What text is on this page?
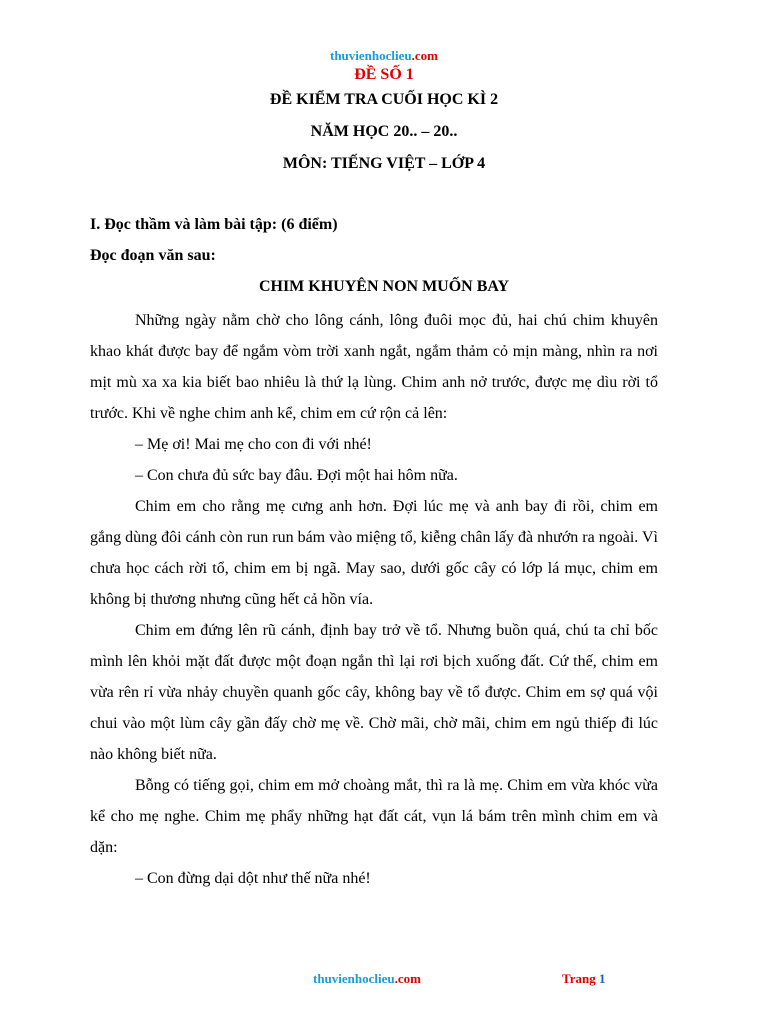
thuvienhoclieu.com
ĐỀ SỐ 1
ĐỀ KIỂM TRA CUỐI HỌC KÌ 2
NĂM HỌC 20.. – 20..
MÔN: TIẾNG VIỆT – LỚP 4
I. Đọc thầm và làm bài tập: (6 điểm)
Đọc đoạn văn sau:
CHIM KHUYÊN NON MUỐN BAY

Những ngày nằm chờ cho lông cánh, lông đuôi mọc đủ, hai chú chim khuyên khao khát được bay để ngắm vòm trời xanh ngắt, ngắm thảm cỏ mịn màng, nhìn ra nơi mịt mù xa xa kia biết bao nhiêu là thứ lạ lùng. Chim anh nở trước, được mẹ dìu rời tổ trước. Khi về nghe chim anh kể, chim em cứ rộn cả lên:

– Mẹ ơi! Mai mẹ cho con đi với nhé!

– Con chưa đủ sức bay đâu. Đợi một hai hôm nữa.

Chim em cho rằng mẹ cưng anh hơn. Đợi lúc mẹ và anh bay đi rồi, chim em gắng dùng đôi cánh còn run run bám vào miệng tổ, kiễng chân lấy đà nhướn ra ngoài. Vì chưa học cách rời tổ, chim em bị ngã. May sao, dưới gốc cây có lớp lá mục, chim em không bị thương nhưng cũng hết cả hồn vía.

Chim em đứng lên rũ cánh, định bay trở về tổ. Nhưng buồn quá, chú ta chỉ bốc mình lên khỏi mặt đất được một đoạn ngắn thì lại rơi bịch xuống đất. Cứ thế, chim em vừa rên rỉ vừa nhảy chuyền quanh gốc cây, không bay về tổ được. Chim em sợ quá vội chui vào một lùm cây gần đấy chờ mẹ về. Chờ mãi, chờ mãi, chim em ngủ thiếp đi lúc nào không biết nữa.

Bỗng có tiếng gọi, chim em mở choàng mắt, thì ra là mẹ. Chim em vừa khóc vừa kể cho mẹ nghe. Chim mẹ phẩy những hạt đất cát, vụn lá bám trên mình chim em và dặn:

– Con đừng dại dột như thế nữa nhé!

thuvienhoclieu.com	Trang 1
